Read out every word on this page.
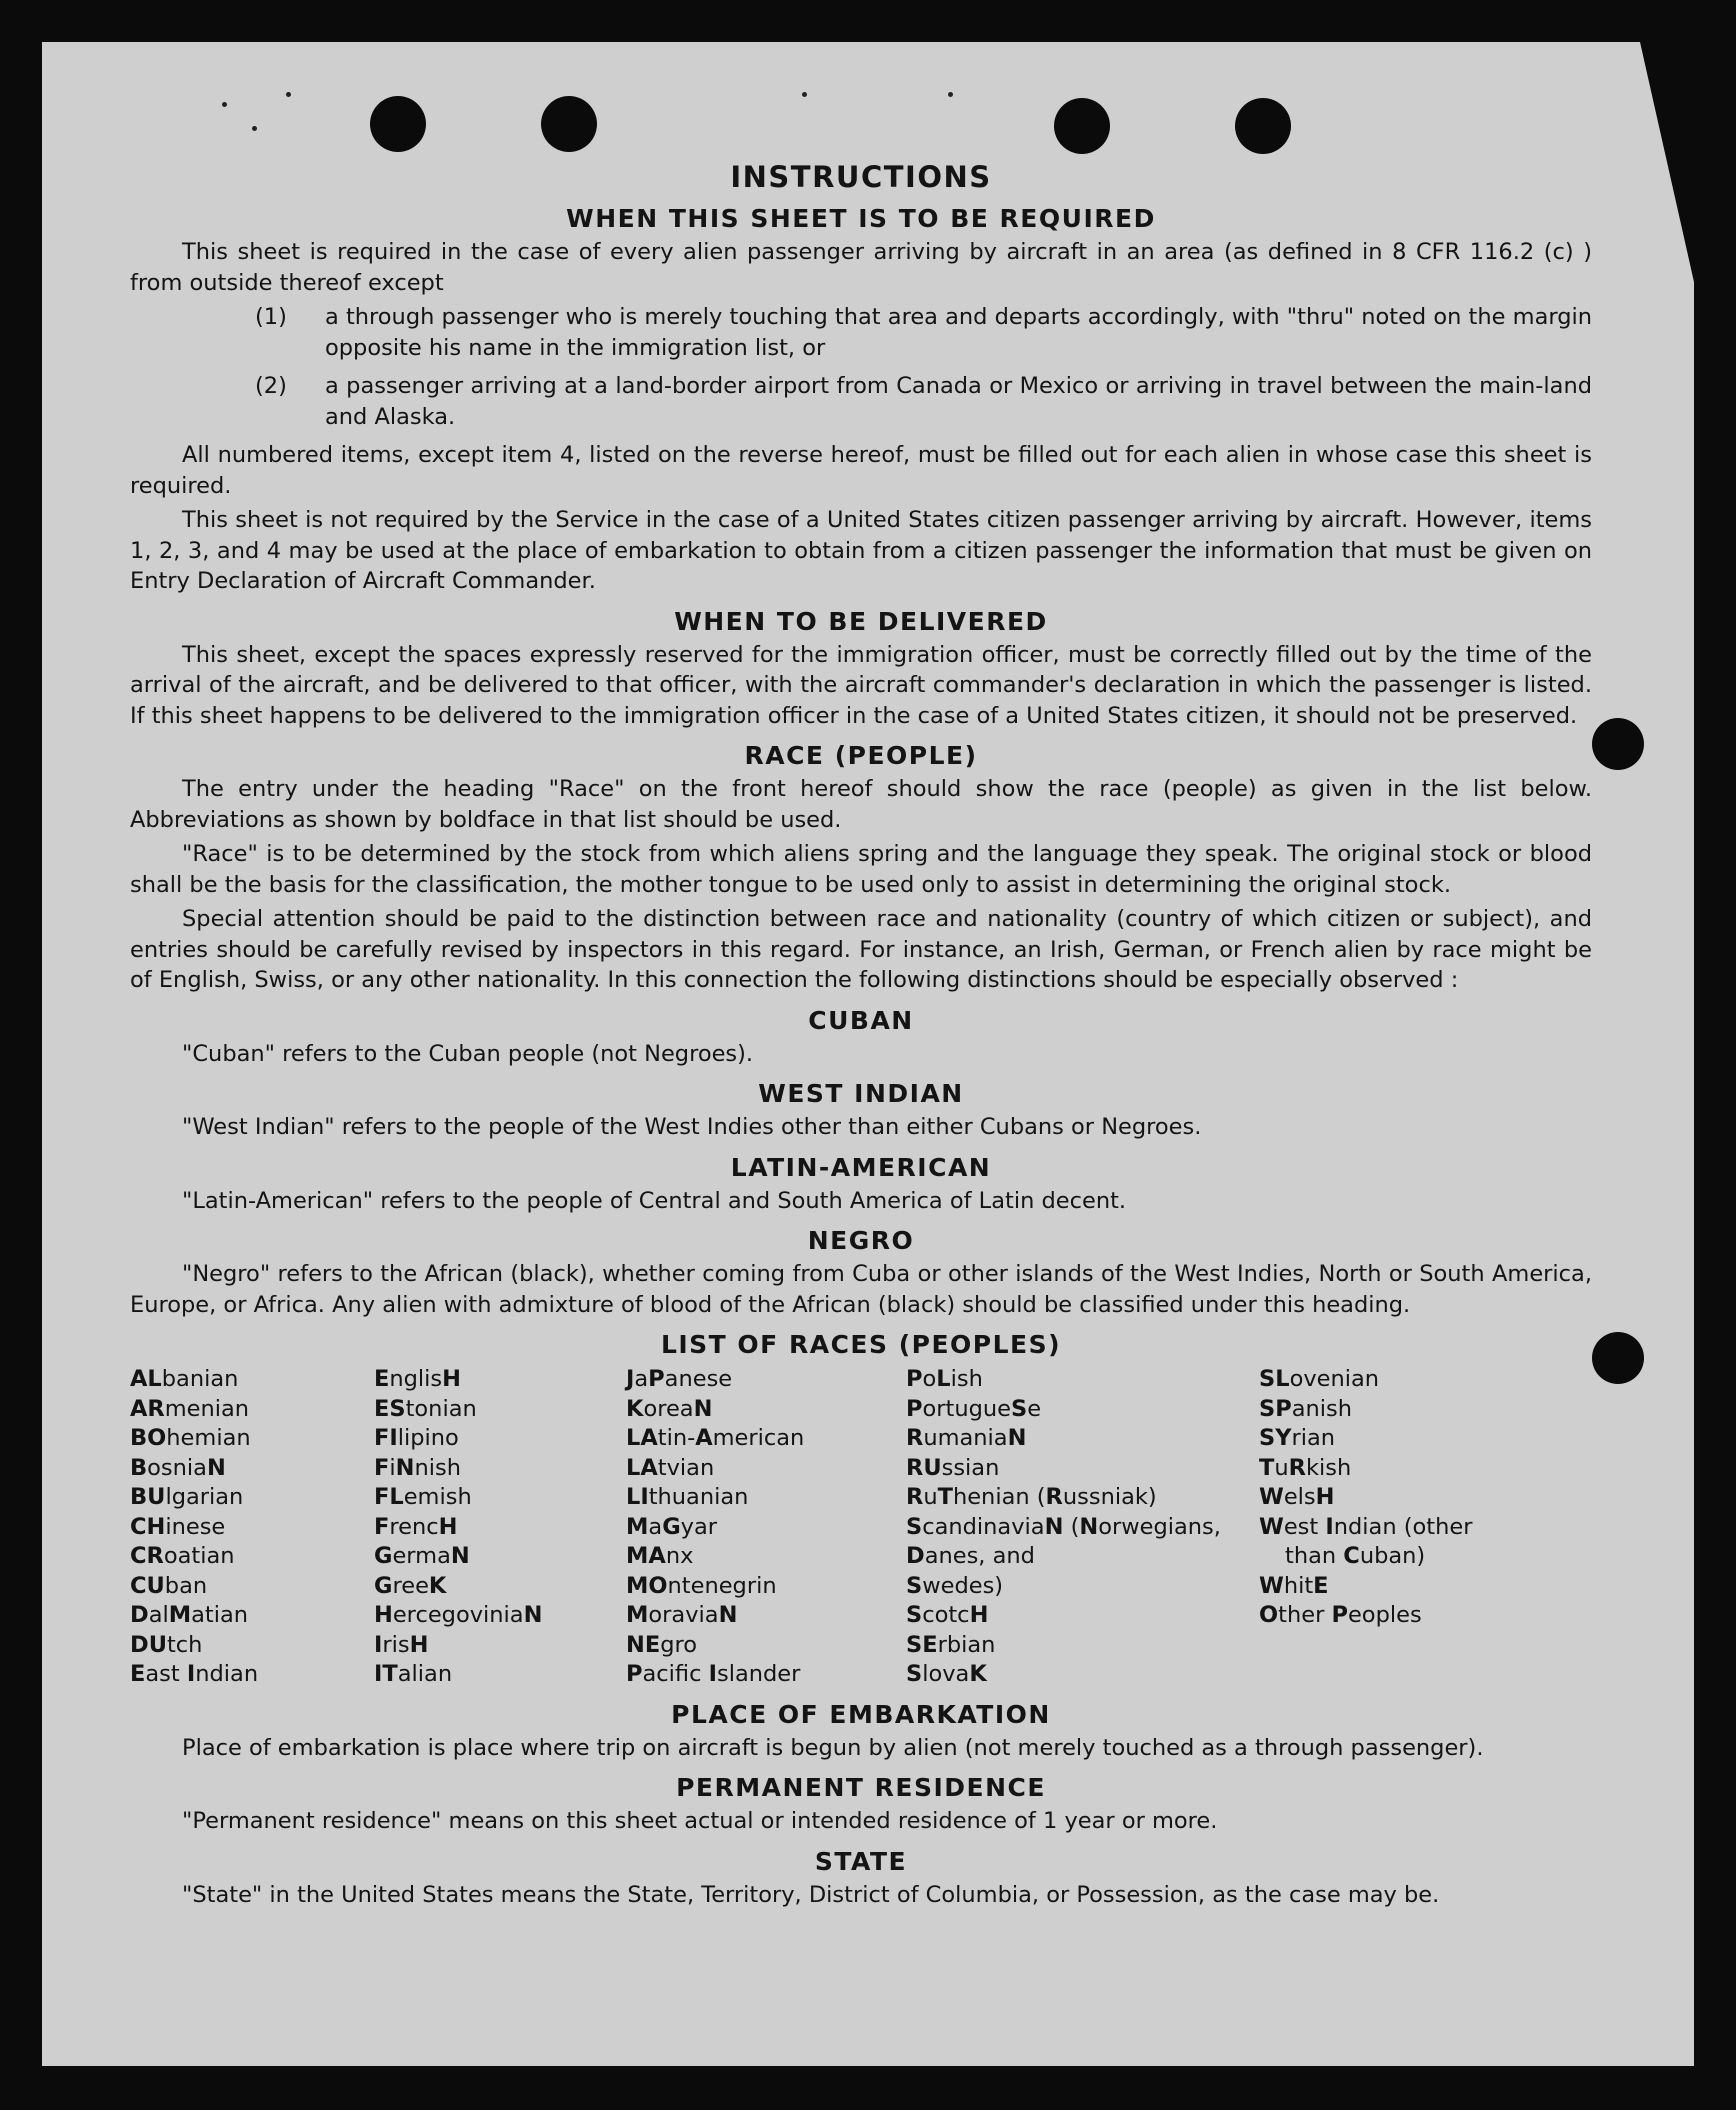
INSTRUCTIONS
WHEN THIS SHEET IS TO BE REQUIRED

This sheet is required in the case of every alien passenger arriving by aircraft in an area (as defined in 8 CFR 116.2 (c) ) from outside thereof except

(1)	a through passenger who is merely touching that area and departs accordingly, with "thru" noted on the margin opposite his name in the immigration list, or
(2)	a passenger arriving at a land-border airport from Canada or Mexico or arriving in travel between the main-land and Alaska.

All numbered items, except item 4, listed on the reverse hereof, must be filled out for each alien in whose case this sheet is required.

This sheet is not required by the Service in the case of a United States citizen passenger arriving by aircraft. However, items 1, 2, 3, and 4 may be used at the place of embarkation to obtain from a citizen passenger the information that must be given on Entry Declaration of Aircraft Commander.

WHEN TO BE DELIVERED

This sheet, except the spaces expressly reserved for the immigration officer, must be correctly filled out by the time of the arrival of the aircraft, and be delivered to that officer, with the aircraft commander's declaration in which the passenger is listed. If this sheet happens to be delivered to the immigration officer in the case of a United States citizen, it should not be preserved.

RACE (PEOPLE)

The entry under the heading "Race" on the front hereof should show the race (people) as given in the list below. Abbreviations as shown by boldface in that list should be used.

"Race" is to be determined by the stock from which aliens spring and the language they speak. The original stock or blood shall be the basis for the classification, the mother tongue to be used only to assist in determining the original stock.

Special attention should be paid to the distinction between race and nationality (country of which citizen or subject), and entries should be carefully revised by inspectors in this regard. For instance, an Irish, German, or French alien by race might be of English, Swiss, or any other nationality. In this connection the following distinctions should be especially observed :

CUBAN

"Cuban" refers to the Cuban people (not Negroes).

WEST INDIAN

"West Indian" refers to the people of the West Indies other than either Cubans or Negroes.

LATIN-AMERICAN

"Latin-American" refers to the people of Central and South America of Latin decent.

NEGRO

"Negro" refers to the African (black), whether coming from Cuba or other islands of the West Indies, North or South America, Europe, or Africa. Any alien with admixture of blood of the African (black) should be classified under this heading.

LIST OF RACES (PEOPLES)
ALbanian
ARmenian
BOhemian
BosniaN
BUlgarian
CHinese
CRoatian
CUban
DalMatian
DUtch
East Indian
EnglisH
EStonian
FIlipino
FiNnish
FLemish
FrencH
GermaN
GreeK
HercegoviniaN
IrisH
ITalian
JaPanese
KoreaN
LAtin-American
LAtvian
LIthuanian
MaGyar
MAnx
MOntenegrin
MoraviaN
NEgro
Pacific Islander
PoLish
PortugueSe
RumaniaN
RUssian
RuThenian (Russniak)
ScandinaviaN (Norwegians,
Danes, and
Swedes)
ScotcH
SErbian
SlovaK
SLovenian
SPanish
SYrian
TuRkish
WelsH
West Indian (other
than Cuban)
WhitE
Other Peoples
PLACE OF EMBARKATION

Place of embarkation is place where trip on aircraft is begun by alien (not merely touched as a through passenger).

PERMANENT RESIDENCE

"Permanent residence" means on this sheet actual or intended residence of 1 year or more.

STATE

"State" in the United States means the State, Territory, District of Columbia, or Possession, as the case may be.
